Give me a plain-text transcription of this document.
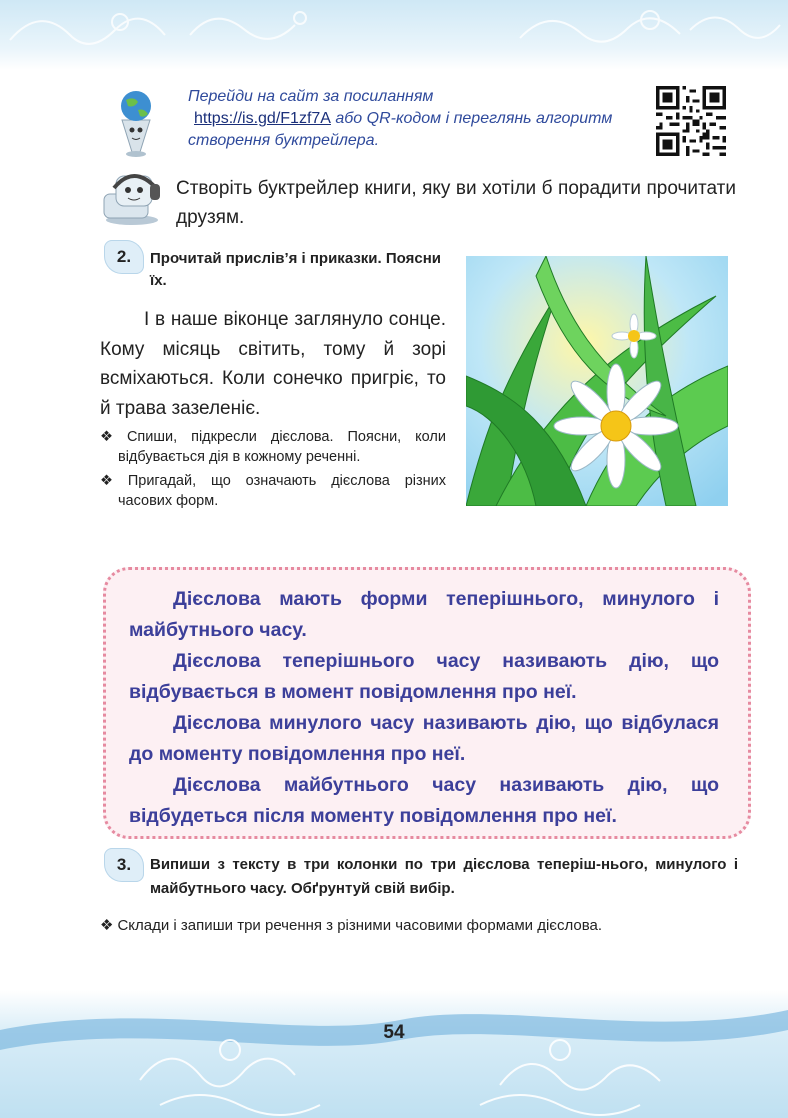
Перейди на сайт за посиланням
https://is.gd/F1zf7A або QR-кодом і переглянь алгоритм створення буктрейлера.
Створіть буктрейлер книги, яку ви хотіли б порадити прочитати друзям.
2.	Прочитай прислів’я і приказки. Поясни їх.
І в наше віконце заглянуло сонце. Кому місяць світить, тому й зорі всміхаються. Коли сонечко пригріє, то й трава зазеленіє.
❖ Спиши, підкресли дієслова. Поясни, коли відбувається дія в кожному реченні.
❖ Пригадай, що означають дієслова різних часових форм.

Дієслова мають форми теперішнього, минулого і майбутнього часу.

Дієслова теперішнього часу називають дію, що відбувається в момент повідомлення про неї.

Дієслова минулого часу називають дію, що відбулася до моменту повідомлення про неї.

Дієслова майбутнього часу називають дію, що відбудеться після моменту повідомлення про неї.

3.	Випиши з тексту в три колонки по три дієслова теперіш-нього, минулого і майбутнього часу. Обґрунтуй свій вибір.
❖ Склади і запиши три речення з різними часовими формами дієслова.
54
